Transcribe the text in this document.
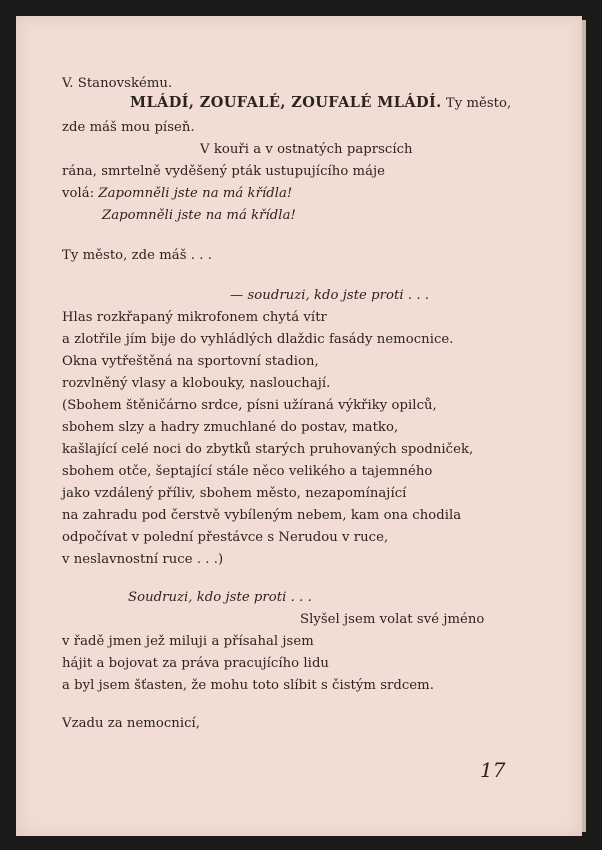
V. Stanovskému.
MLÁDÍ, ZOUFALÉ, ZOUFALÉ MLÁDÍ. Ty město,
zde máš mou píseň.
V kouři a v ostnatých paprscích
rána, smrtelně vyděšený pták ustupujícího máje
volá: Zapomněli jste na má křídla!
Zapomněli jste na má křídla!
Ty město, zde máš . . .
— soudruzi, kdo jste proti . . .
Hlas rozkřapaný mikrofonem chytá vítr
a zlotřile jím bije do vyhládlých dlaždic fasády nemocnice.
Okna vytřeštěná na sportovní stadion,
rozvlněný vlasy a klobouky, naslouchají.
(Sbohem štěničárno srdce, písni užíraná výkřiky opilců,
sbohem slzy a hadry zmuchlané do postav, matko,
kašlající celé noci do zbytků starých pruhovaných spodniček,
sbohem otče, šeptající stále něco velikého a tajemného
jako vzdálený příliv, sbohem město, nezapomínající
na zahradu pod čerstvě vybíleným nebem, kam ona chodila
odpočívat v polední přestávce s Nerudou v ruce,
v neslavnostní ruce . . .)
Soudruzi, kdo jste proti . . .
Slyšel jsem volat své jméno
v řadě jmen jež miluji a přísahal jsem
hájit a bojovat za práva pracujícího lidu
a byl jsem šťasten, že mohu toto slíbit s čistým srdcem.
Vzadu za nemocnicí,
17
